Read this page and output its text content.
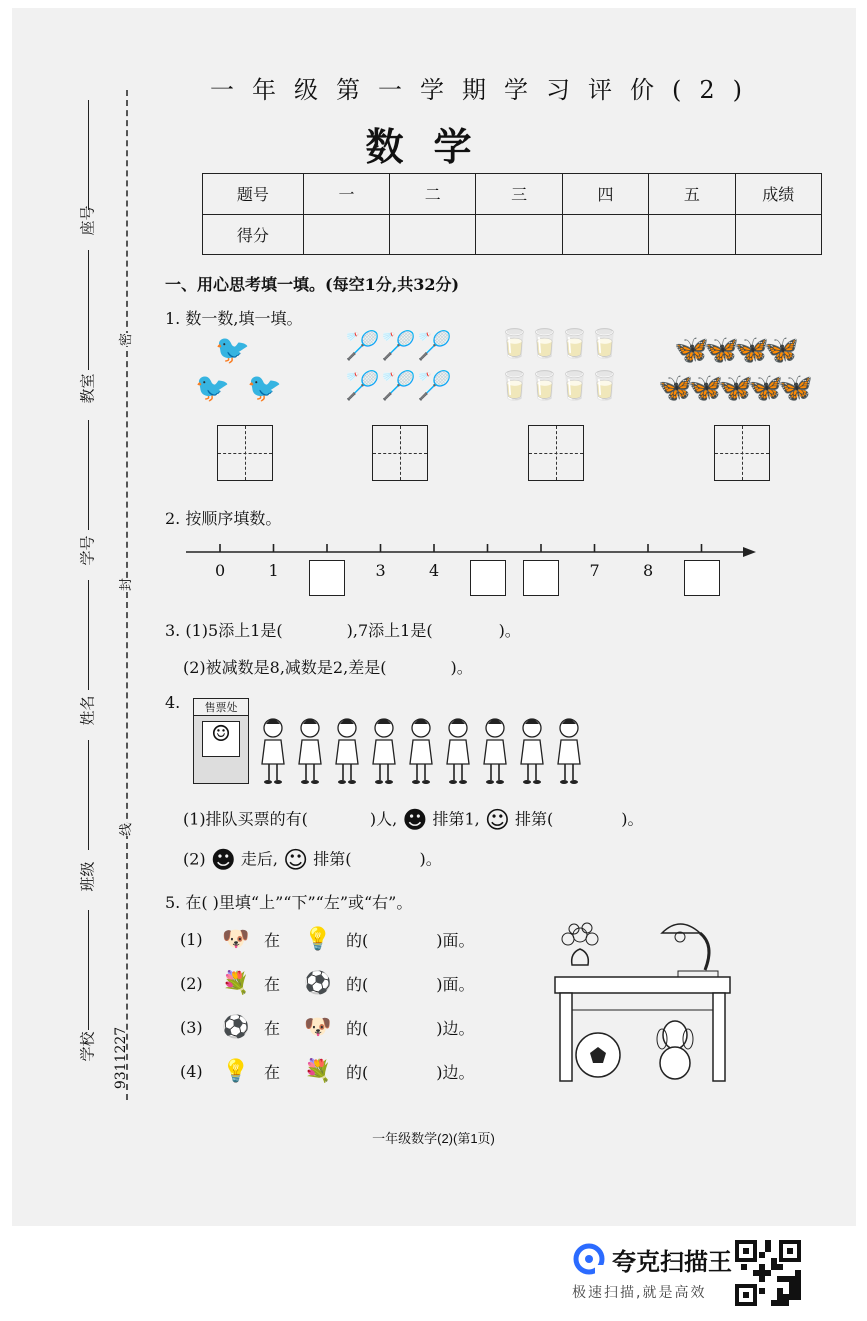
座号
教室
学号
姓名
班级
学校
密
封
线
9311227
一年级第一学期学习评价(2)
数学
题号	一	二	三	四	五	成绩
得分						
一、用心思考填一填。(每空1分,共32分)
1. 数一数,填一填。
🐦
🐦 🐦
🏸 🏸 🏸
🏸 🏸 🏸
🥛
🥛
🥛
🥛
🥛
🥛
🥛
🥛
🦋
🦋
🦋
🦋
🦋
🦋
🦋
🦋
🦋
2. 按顺序填数。
0	1	3	4	7	8
3. (1)5添上1是(	),7添上1是(	)。
(2)被减数是8,减数是2,差是(	)。
4.	售票处
☺
(1)排队买票的有(	)人, ☻ 排第1, ☺ 排第(	)。
(2) ☻ 走后, ☺ 排第(	)。
5. 在( )里填“上”“下”“左”或“右”。
(1) 🐶 在	💡 的(	)面。
(2) 💐 在	⚽ 的(	)面。
(3) ⚽ 在	🐶 的(	)边。
(4) 💡 在	💐 的(	)边。
一年级数学(2)(第1页)
夸克扫描王
极速扫描,就是高效
